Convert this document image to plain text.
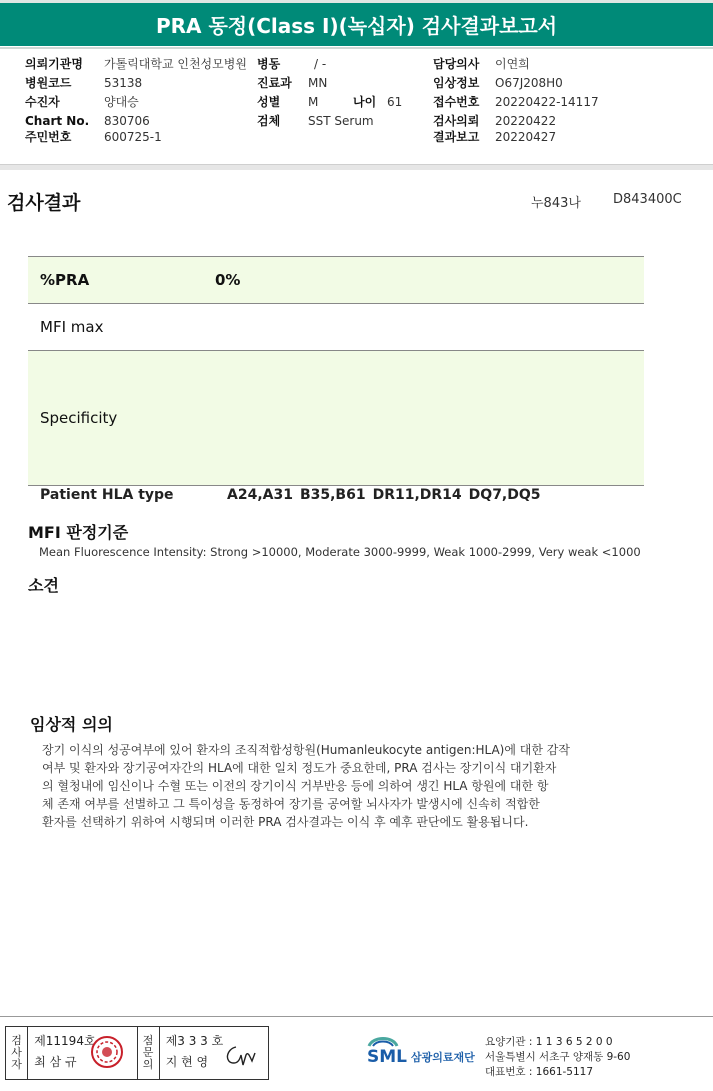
PRA 동정(Class I)(녹십자) 검사결과보고서
의뢰기관명 가톨릭대학교 인천성모병원
병원코드	53138
수진자	양대승
Chart No. 830706
주민번호	600725-1
병동	/ -
진료과 MN
성별 M	나이 61
검체 SST Serum
담당의사 이연희
임상정보 O67J208H0
접수번호 20220422-14117
검사의뢰 20220422
결과보고 20220427
검사결과	누843나 D843400C
%PRA	0%
MFI max
Specificity
Patient HLA type	A24,A31 B35,B61 DR11,DR14 DQ7,DQ5
MFI 판정기준
Mean Fluorescence Intensity: Strong >10000, Moderate 3000-9999, Weak 1000-2999, Very weak <1000
소견
임상적 의의
장기 이식의 성공여부에 있어 환자의 조직적합성항원(Humanleukocyte antigen:HLA)에 대한 감작
여부 및 환자와 장기공여자간의 HLA에 대한 일치 정도가 중요한데, PRA 검사는 장기이식 대기환자
의 혈청내에 임신이나 수혈 또는 이전의 장기이식 거부반응 등에 의하여 생긴 HLA 항원에 대한 항
체 존재 여부를 선별하고 그 특이성을 동정하여 장기를 공여할 뇌사자가 발생시에 신속히 적합한
환자를 선택하기 위하여 시행되며 이러한 PRA 검사결과는 이식 후 예후 판단에도 활용됩니다.
검
사
자
제11194호
최 삼 규
점
문
의
제3 3 3 호
지 현 영	SML 삼광의료재단
요양기관 : 1 1 3 6 5 2 0 0
서울특별시 서초구 양재동 9-60
대표번호 : 1661-5117
